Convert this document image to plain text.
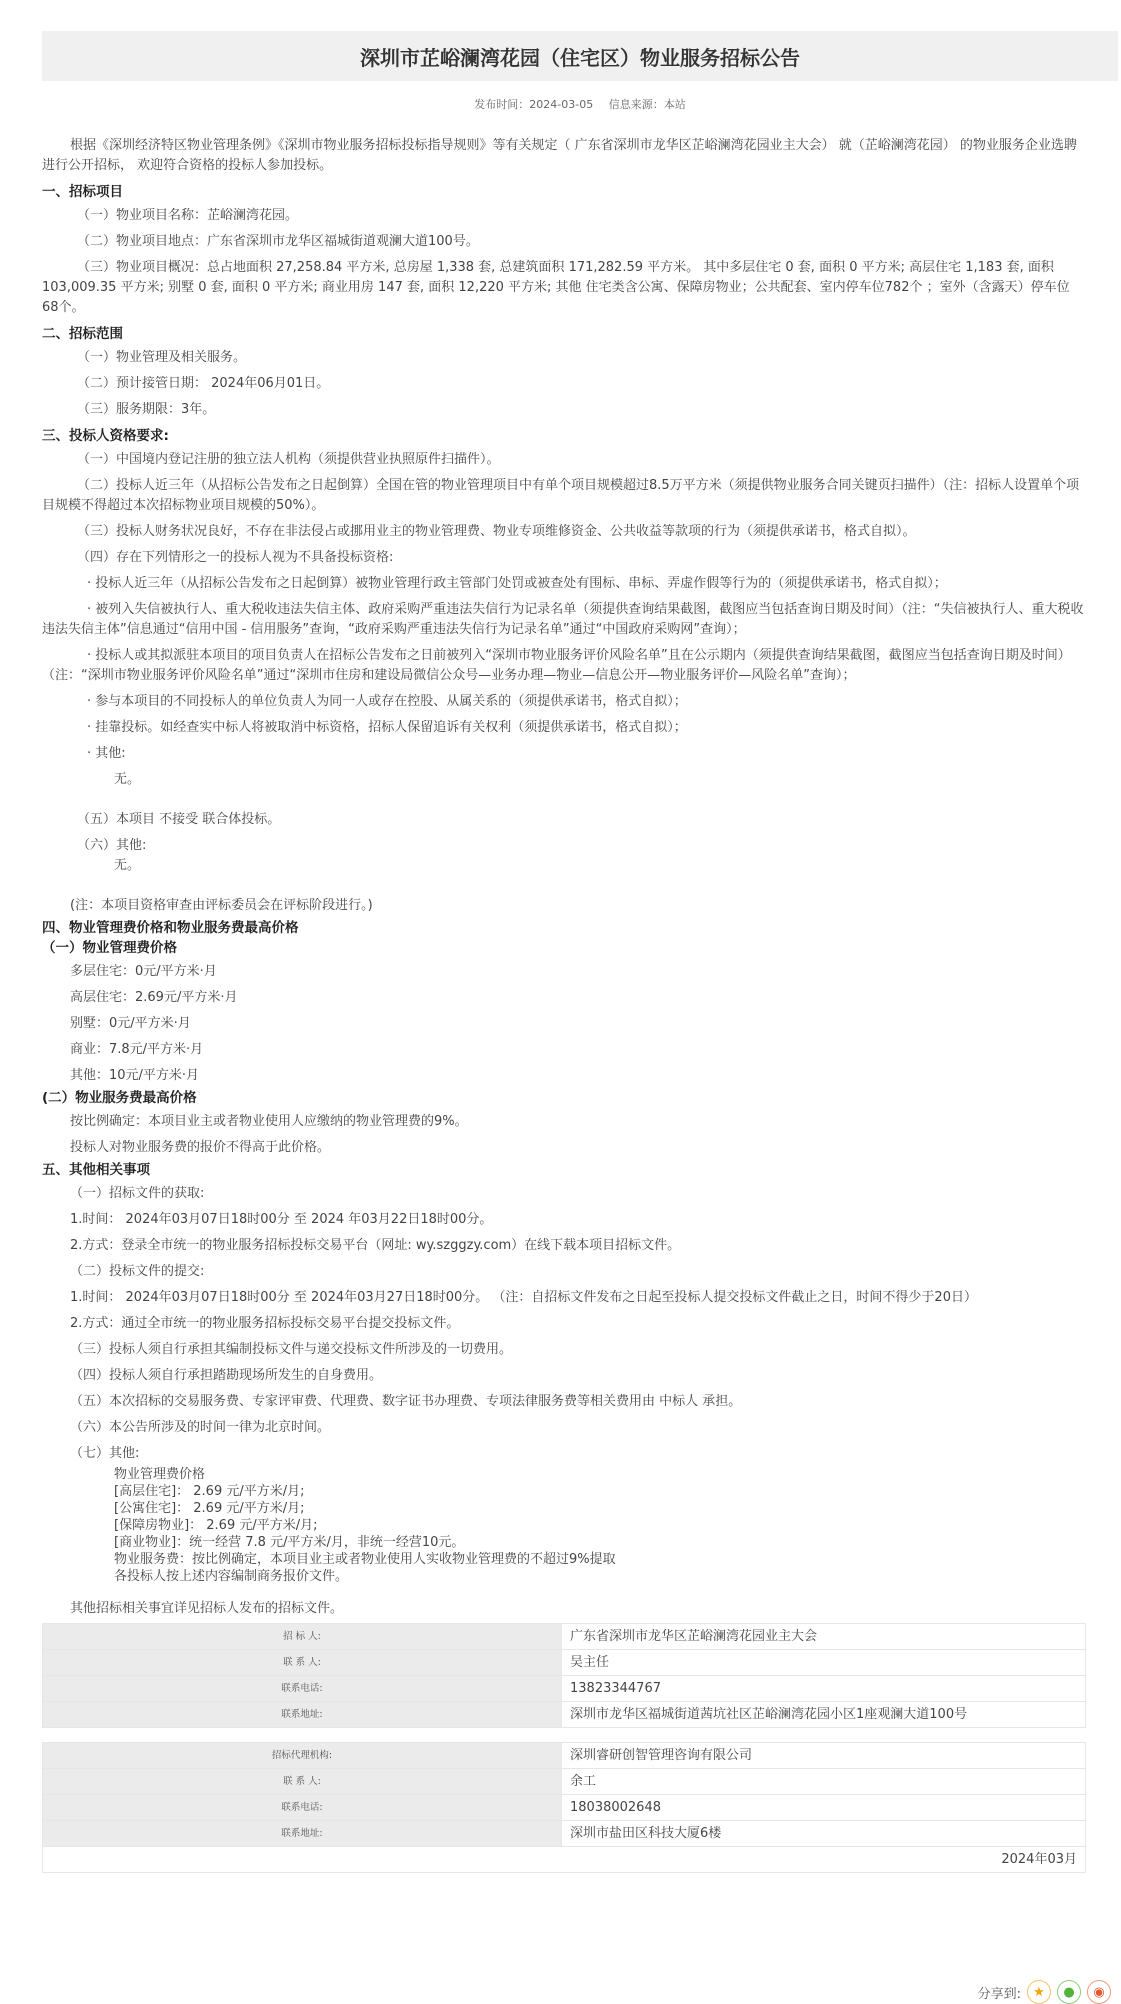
深圳市芷峪澜湾花园（住宅区）物业服务招标公告
发布时间：2024-03-05 信息来源：本站

根据《深圳经济特区物业管理条例》《深圳市物业服务招标投标指导规则》等有关规定（ 广东省深圳市龙华区芷峪澜湾花园业主大会） 就（芷峪澜湾花园） 的物业服务企业选聘进行公开招标， 欢迎符合资格的投标人参加投标。

一、招标项目

（一）物业项目名称：芷峪澜湾花园。

（二）物业项目地点：广东省深圳市龙华区福城街道观澜大道100号。

（三）物业项目概况：总占地面积 27,258.84 平方米, 总房屋 1,338 套, 总建筑面积 171,282.59 平方米。 其中多层住宅 0 套, 面积 0 平方米; 高层住宅 1,183 套, 面积 103,009.35 平方米; 别墅 0 套, 面积 0 平方米; 商业用房 147 套, 面积 12,220 平方米; 其他 住宅类含公寓、保障房物业；公共配套、室内停车位782个 ；室外（含露天）停车位68个。

二、招标范围

（一）物业管理及相关服务。

（二）预计接管日期： 2024年06月01日。

（三）服务期限：3年。

三、投标人资格要求:

（一）中国境内登记注册的独立法人机构（须提供营业执照原件扫描件）。

（二）投标人近三年（从招标公告发布之日起倒算）全国在管的物业管理项目中有单个项目规模超过8.5万平方米（须提供物业服务合同关键页扫描件）（注：招标人设置单个项目规模不得超过本次招标物业项目规模的50%）。

（三）投标人财务状况良好，不存在非法侵占或挪用业主的物业管理费、物业专项维修资金、公共收益等款项的行为（须提供承诺书，格式自拟）。

（四）存在下列情形之一的投标人视为不具备投标资格:

· 投标人近三年（从招标公告发布之日起倒算）被物业管理行政主管部门处罚或被查处有围标、串标、弄虚作假等行为的（须提供承诺书，格式自拟）；

· 被列入失信被执行人、重大税收违法失信主体、政府采购严重违法失信行为记录名单（须提供查询结果截图，截图应当包括查询日期及时间）（注：“失信被执行人、重大税收违法失信主体”信息通过“信用中国 - 信用服务”查询，“政府采购严重违法失信行为记录名单”通过“中国政府采购网”查询）；

· 投标人或其拟派驻本项目的项目负责人在招标公告发布之日前被列入“深圳市物业服务评价风险名单”且在公示期内（须提供查询结果截图，截图应当包括查询日期及时间）（注：“深圳市物业服务评价风险名单”通过“深圳市住房和建设局微信公众号—业务办理—物业—信息公开—物业服务评价—风险名单”查询）；

· 参与本项目的不同投标人的单位负责人为同一人或存在控股、从属关系的（须提供承诺书，格式自拟）；

· 挂靠投标。如经查实中标人将被取消中标资格，招标人保留追诉有关权利（须提供承诺书，格式自拟）；

· 其他:

无。

（五）本项目 不接受 联合体投标。

（六）其他:

无。

(注：本项目资格审查由评标委员会在评标阶段进行。)

四、物业管理费价格和物业服务费最高价格
（一）物业管理费价格

多层住宅：0元/平方米·月

高层住宅：2.69元/平方米·月

别墅：0元/平方米·月

商业：7.8元/平方米·月

其他：10元/平方米·月

(二）物业服务费最高价格

按比例确定：本项目业主或者物业使用人应缴纳的物业管理费的9%。

投标人对物业服务费的报价不得高于此价格。

五、其他相关事项

（一）招标文件的获取:

1.时间： 2024年03月07日18时00分 至 2024 年03月22日18时00分。

2.方式：登录全市统一的物业服务招标投标交易平台（网址: wy.szggzy.com）在线下载本项目招标文件。

（二）投标文件的提交:

1.时间： 2024年03月07日18时00分 至 2024年03月27日18时00分。 （注：自招标文件发布之日起至投标人提交投标文件截止之日，时间不得少于20日）

2.方式：通过全市统一的物业服务招标投标交易平台提交投标文件。

（三）投标人须自行承担其编制投标文件与递交投标文件所涉及的一切费用。

（四）投标人须自行承担踏勘现场所发生的自身费用。

（五）本次招标的交易服务费、专家评审费、代理费、数字证书办理费、专项法律服务费等相关费用由 中标人 承担。

（六）本公告所涉及的时间一律为北京时间。

（七）其他:

物业管理费价格

[高层住宅]： 2.69 元/平方米/月;

[公寓住宅]： 2.69 元/平方米/月;

[保障房物业]： 2.69 元/平方米/月;

[商业物业]：统一经营 7.8 元/平方米/月，非统一经营10元。

物业服务费：按比例确定，本项目业主或者物业使用人实收物业管理费的不超过9%提取

各投标人按上述内容编制商务报价文件。

其他招标相关事宜详见招标人发布的招标文件。

招 标 人:	广东省深圳市龙华区芷峪澜湾花园业主大会
联 系 人:	吴主任
联系电话:	13823344767
联系地址:	深圳市龙华区福城街道茜坑社区芷峪澜湾花园小区1座观澜大道100号
招标代理机构:	深圳睿研创智管理咨询有限公司
联 系 人:	余工
联系电话:	18038002648
联系地址:	深圳市盐田区科技大厦6楼
2024年03月	
分享到: ★ ● ◉
